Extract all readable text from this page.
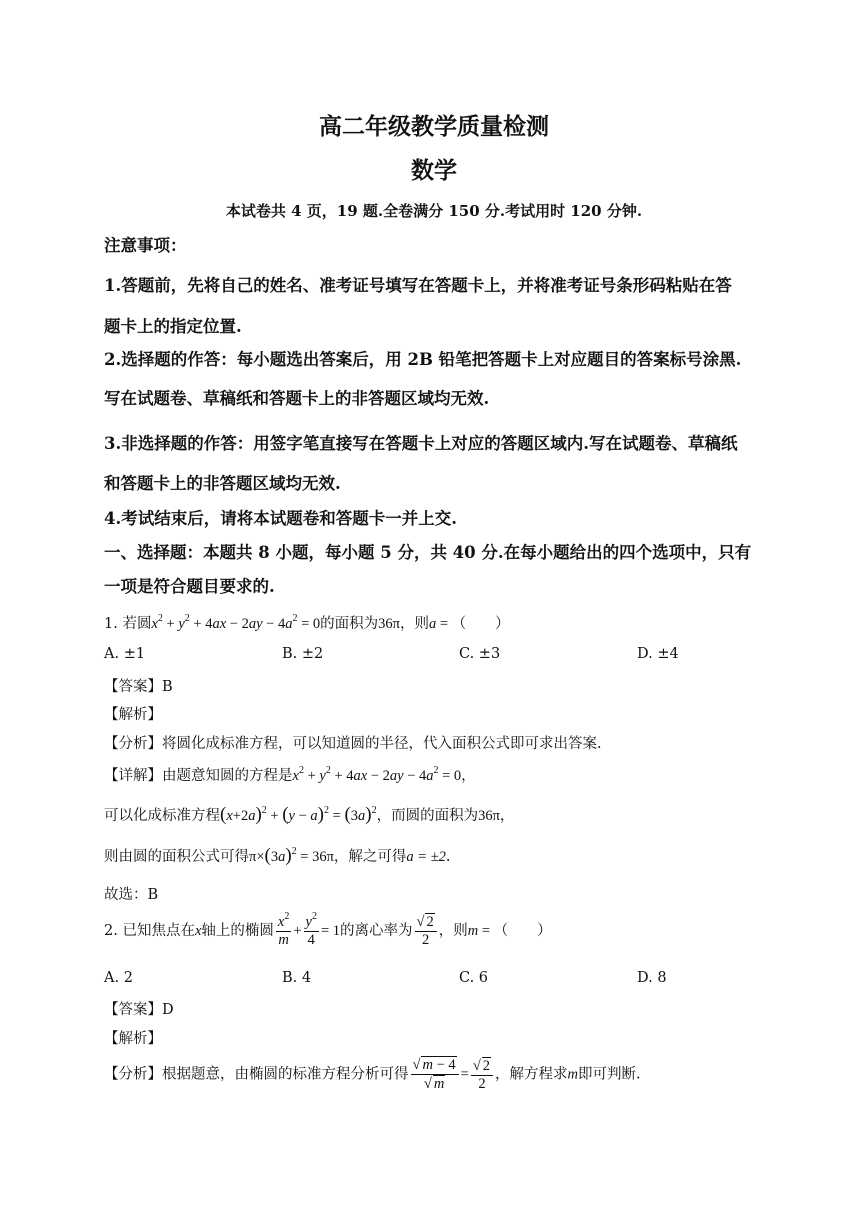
高二年级教学质量检测
数学
本试卷共 4 页，19 题.全卷满分 150 分.考试用时 120 分钟.
注意事项：
1.答题前，先将自己的姓名、准考证号填写在答题卡上，并将准考证号条形码粘贴在答
题卡上的指定位置.
2.选择题的作答：每小题选出答案后，用 2B 铅笔把答题卡上对应题目的答案标号涂黑.
写在试题卷、草稿纸和答题卡上的非答题区域均无效.
3.非选择题的作答：用签字笔直接写在答题卡上对应的答题区域内.写在试题卷、草稿纸
和答题卡上的非答题区域均无效.
4.考试结束后，请将本试题卷和答题卡一并上交.
一、选择题：本题共 8 小题，每小题 5 分，共 40 分.在每小题给出的四个选项中，只有
一项是符合题目要求的.
1. 若圆$x^2 + y^2 + 4ax - 2ay - 4a^2 = 0$的面积为36π，则a = （　　）
A. ±1	B. ±2	C. ±3	D. ±4
【答案】B
【解析】
【分析】将圆化成标准方程，可以知道圆的半径，代入面积公式即可求出答案.
【详解】由题意知圆的方程是$x^2 + y^2 + 4ax - 2ay - 4a^2 = 0$，
可以化成标准方程$(x+2a)^2 + (y - a)^2 = (3a)^2$，而圆的面积为36π，
则由圆的面积公式可得$\pi\times(3a)^2 = 36\pi$，解之可得a = ±2.
故选：B
2. 已知焦点在x轴上的椭圆 $\frac{x^2}{m} + \frac{y^2}{4} = 1$的离心率为 $\frac{√ 2}{2}$ ，则m = （　　）
A. 2	B. 4	C. 6	D. 8
【答案】D
【解析】
【分析】根据题意，由椭圆的标准方程分析可得 $\frac{√ m - 4}{√ m} = \frac{√ 2}{2}$ ，解方程求m即可判断.
